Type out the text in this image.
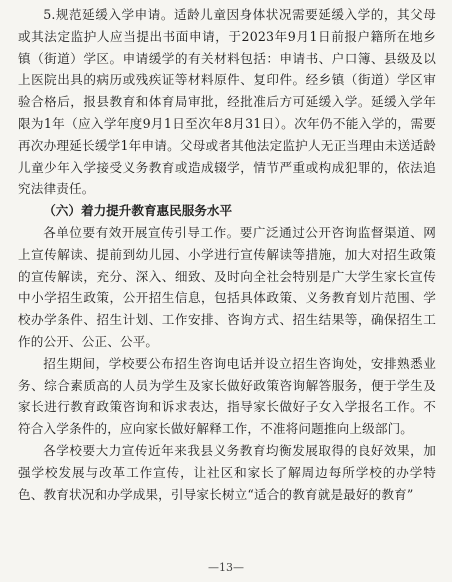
5.规范延缓入学申请。适龄儿童因身体状况需要延缓入学的，其父母或其法定监护人应当提出书面申请，于2023年9月1日前报户籍所在地乡镇（街道）学区。申请缓学的有关材料包括：申请书、户口簿、县级及以上医院出具的病历或残疾证等材料原件、复印件。经乡镇（街道）学区审验合格后，报县教育和体育局审批，经批准后方可延缓入学。延缓入学年限为1年（应入学年度9月1日至次年8月31日）。次年仍不能入学的，需要再次办理延长缓学1年申请。父母或者其他法定监护人无正当理由未送适龄儿童少年入学接受义务教育或造成辍学，情节严重或构成犯罪的，依法追究法律责任。

（六）着力提升教育惠民服务水平

各单位要有效开展宣传引导工作。要广泛通过公开咨询监督渠道、网上宣传解读、提前到幼儿园、小学进行宣传解读等措施，加大对招生政策的宣传解读，充分、深入、细致、及时向全社会特别是广大学生家长宣传中小学招生政策，公开招生信息，包括具体政策、义务教育划片范围、学校办学条件、招生计划、工作安排、咨询方式、招生结果等，确保招生工作的公开、公正、公平。

招生期间，学校要公布招生咨询电话并设立招生咨询处，安排熟悉业务、综合素质高的人员为学生及家长做好政策咨询解答服务，便于学生及家长进行教育政策咨询和诉求表达，指导家长做好子女入学报名工作。不符合入学条件的，应向家长做好解释工作，不准将问题推向上级部门。

各学校要大力宣传近年来我县义务教育均衡发展取得的良好效果，加强学校发展与改革工作宣传，让社区和家长了解周边每所学校的办学特色、教育状况和办学成果，引导家长树立“适合的教育就是最好的教育”

—13—
